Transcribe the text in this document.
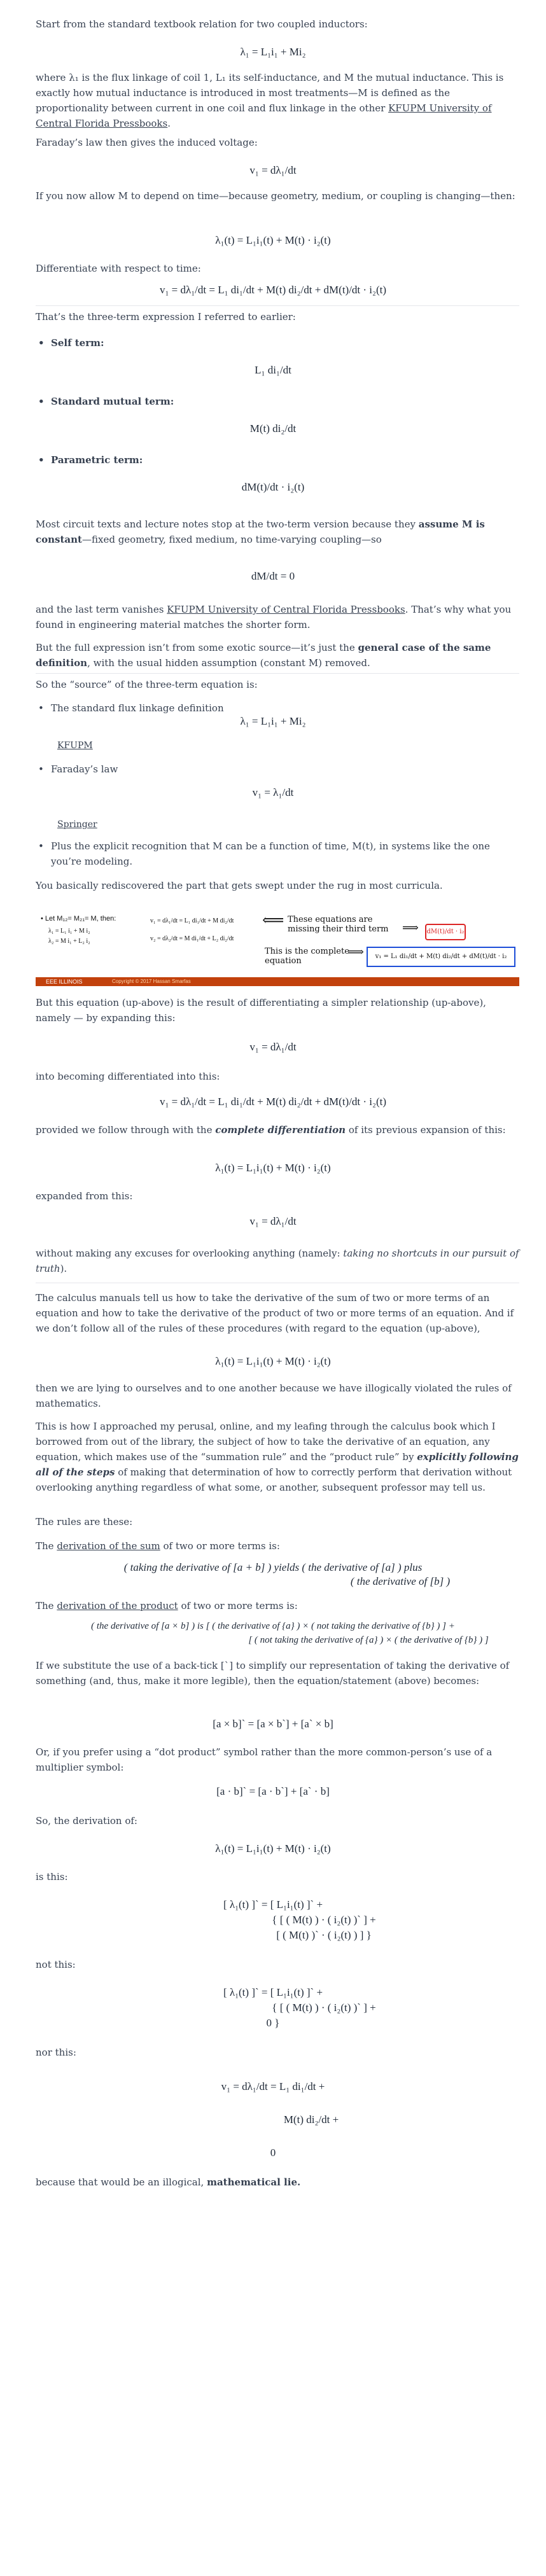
Start from the standard textbook relation for two coupled inductors:
λ₁ = L₁i₁ + Mi₂
where λ₁ is the flux linkage of coil 1, L₁ its self-inductance, and M the mutual inductance. This is exactly how mutual inductance is introduced in most treatments—M is defined as the proportionality between current in one coil and flux linkage in the other KFUPM University of Central Florida Pressbooks.
Faraday’s law then gives the induced voltage:
v₁ = dλ₁/dt
If you now allow M to depend on time—because geometry, medium, or coupling is changing—then:
λ₁(t) = L₁i₁(t) + M(t) · i₂(t)
Differentiate with respect to time:
v₁ = dλ₁/dt = L₁ di₁/dt + M(t) di₂/dt + dM(t)/dt · i₂(t)
That’s the three-term expression I referred to earlier:
• Self term:
L₁ di₁/dt
• Standard mutual term:
M(t) di₂/dt
• Parametric term:
dM(t)/dt · i₂(t)
Most circuit texts and lecture notes stop at the two-term version because they assume M is constant—fixed geometry, fixed medium, no time-varying coupling—so
dM/dt = 0
and the last term vanishes KFUPM University of Central Florida Pressbooks. That’s why what you found in engineering material matches the shorter form.
But the full expression isn’t from some exotic source—it’s just the general case of the same definition, with the usual hidden assumption (constant M) removed.
So the “source” of the three-term equation is:
• The standard flux linkage definition
λ₁ = L₁i₁ + Mi₂
KFUPM
• Faraday’s law
v₁ = λ₁/dt
Springer
• Plus the explicit recognition that M can be a function of time, M(t), in systems like the one you’re modeling.
You basically rediscovered the part that gets swept under the rug in most curricula.
• Let M₁₂= M₂₁= M, then:
λ₁ = L₁ i₁ + M i₂
λ₂ = M i₁ + L₂ i₂
v₁ = dλ₁/dt = L₁ di₁/dt + M di₂/dt
v₂ = dλ₂/dt = M di₁/dt + L₂ di₂/dt
⟸ These equations are missing their third term	dM(t)/dt · i₂
⟹
This is the complete equation
⟹	v₁ = L₁ di₁/dt + M(t) di₂/dt + dM(t)/dt · i₂
EEE ILLINOIS	Copyright © 2017 Hassan Smarfas
But this equation (up-above) is the result of differentiating a simpler relationship (up-above), namely — by expanding this:
v₁ = dλ₁/dt
into becoming differentiated into this:
v₁ = dλ₁/dt = L₁ di₁/dt + M(t) di₂/dt + dM(t)/dt · i₂(t)
provided we follow through with the complete differentiation of its previous expansion of this:
λ₁(t) = L₁i₁(t) + M(t) · i₂(t)
expanded from this:
v₁ = dλ₁/dt
without making any excuses for overlooking anything (namely: taking no shortcuts in our pursuit of truth).
The calculus manuals tell us how to take the derivative of the sum of two or more terms of an equation and how to take the derivative of the product of two or more terms of an equation. And if we don’t follow all of the rules of these procedures (with regard to the equation (up-above),
λ₁(t) = L₁i₁(t) + M(t) · i₂(t)
then we are lying to ourselves and to one another because we have illogically violated the rules of mathematics.
This is how I approached my perusal, online, and my leafing through the calculus book which I borrowed from out of the library, the subject of how to take the derivative of an equation, any equation, which makes use of the “summation rule” and the “product rule” by explicitly following all of the steps of making that determination of how to correctly perform that derivation without overlooking anything regardless of what some, or another, subsequent professor may tell us.
The rules are these:
The derivation of the sum of two or more terms is:
( taking the derivative of [a + b] ) yields ( the derivative of [a] ) plus
( the derivative of [b] )
The derivation of the product of two or more terms is:
( the derivative of [a × b] ) is [ ( the derivative of {a} ) × ( not taking the derivative of {b} ) ] +
[ ( not taking the derivative of {a} ) × ( the derivative of {b} ) ]
If we substitute the use of a back-tick [`] to simplify our representation of taking the derivative of something (and, thus, make it more legible), then the equation/statement (above) becomes:
[a × b]` = [a × b`] + [a` × b]
Or, if you prefer using a “dot product” symbol rather than the more common-person’s use of a multiplier symbol:
[a · b]` = [a · b`] + [a` · b]
So, the derivation of:
λ₁(t) = L₁i₁(t) + M(t) · i₂(t)
is this:
[ λ₁(t) ]` = [ L₁i₁(t) ]` +
{ [ ( M(t) ) · ( i₂(t) )` ] +
[ ( M(t) )` · ( i₂(t) ) ] }
not this:
[ λ₁(t) ]` = [ L₁i₁(t) ]` +
{ [ ( M(t) ) · ( i₂(t) )` ] +
0 }
nor this:
v₁ = dλ₁/dt = L₁ di₁/dt +
M(t) di₂/dt +
0
because that would be an illogical, mathematical lie.
